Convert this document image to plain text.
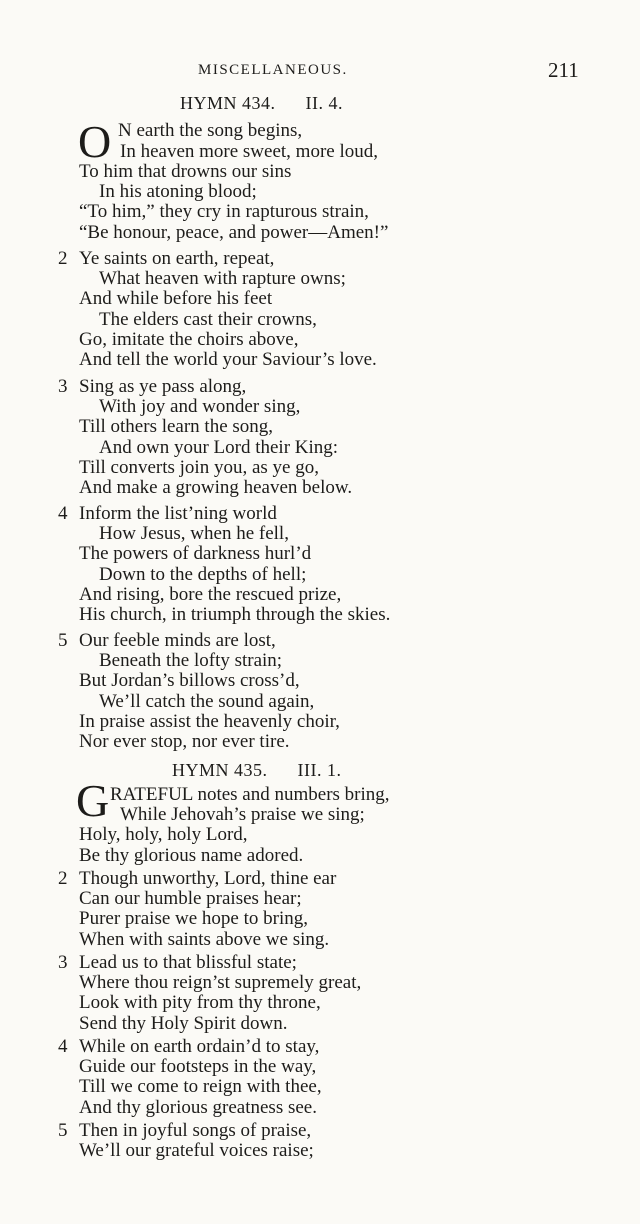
MISCELLANEOUS.	211
HYMN 434. II. 4.
O N earth the song begins,
In heaven more sweet, more loud,
To him that drowns our sins
In his atoning blood;
“To him,” they cry in rapturous strain,
“Be honour, peace, and power—Amen!”
2 Ye saints on earth, repeat,
What heaven with rapture owns;
And while before his feet
The elders cast their crowns,
Go, imitate the choirs above,
And tell the world your Saviour’s love.
3 Sing as ye pass along,
With joy and wonder sing,
Till others learn the song,
And own your Lord their King:
Till converts join you, as ye go,
And make a growing heaven below.
4 Inform the list’ning world
How Jesus, when he fell,
The powers of darkness hurl’d
Down to the depths of hell;
And rising, bore the rescued prize,
His church, in triumph through the skies.
5 Our feeble minds are lost,
Beneath the lofty strain;
But Jordan’s billows cross’d,
We’ll catch the sound again,
In praise assist the heavenly choir,
Nor ever stop, nor ever tire.
HYMN 435. III. 1.
G RATEFUL notes and numbers bring,
While Jehovah’s praise we sing;
Holy, holy, holy Lord,
Be thy glorious name adored.
2 Though unworthy, Lord, thine ear
Can our humble praises hear;
Purer praise we hope to bring,
When with saints above we sing.
3 Lead us to that blissful state;
Where thou reign’st supremely great,
Look with pity from thy throne,
Send thy Holy Spirit down.
4 While on earth ordain’d to stay,
Guide our footsteps in the way,
Till we come to reign with thee,
And thy glorious greatness see.
5 Then in joyful songs of praise,
We’ll our grateful voices raise;
